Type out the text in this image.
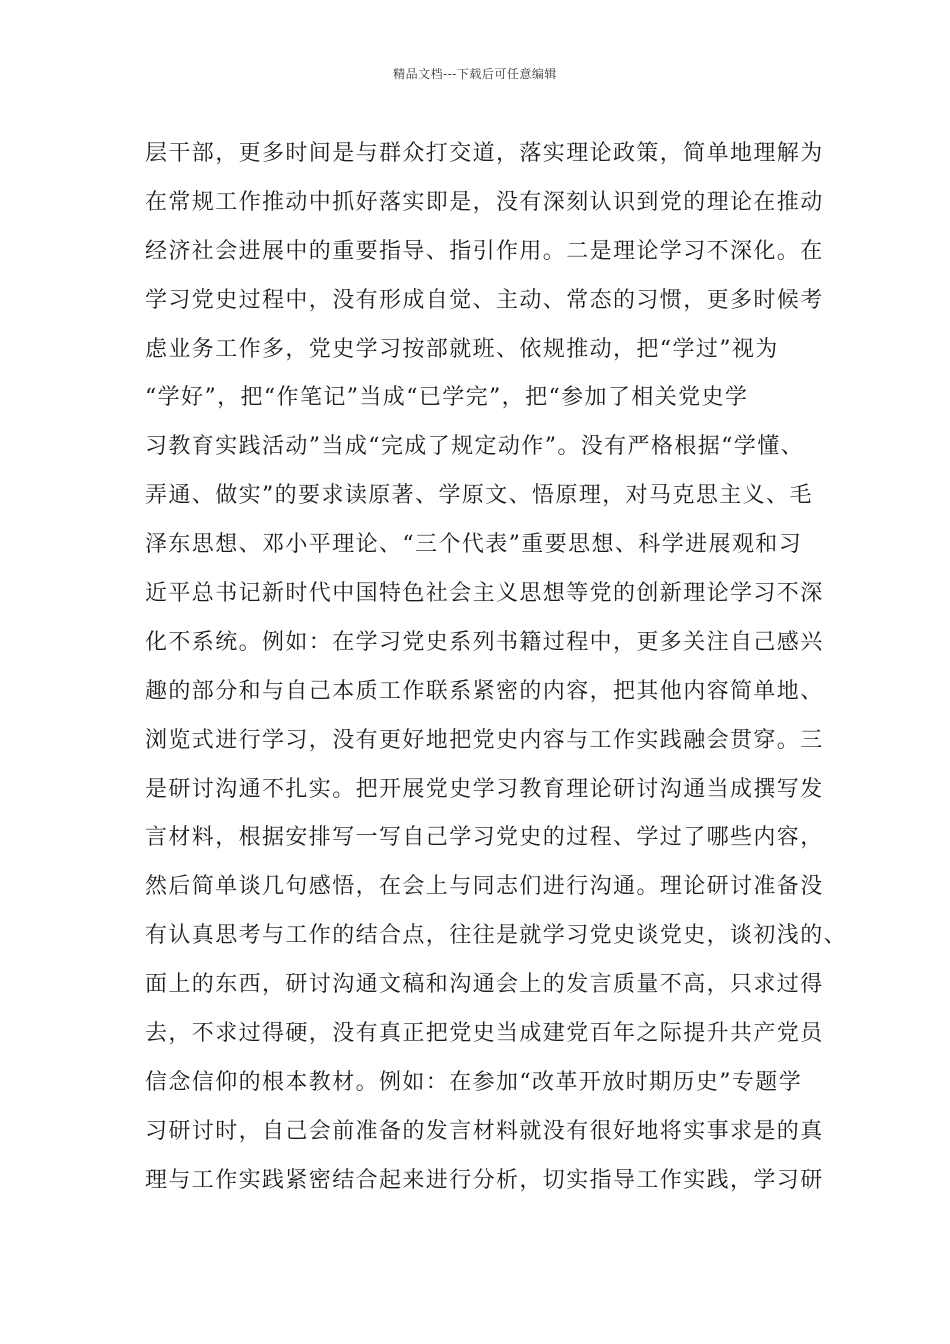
精品文档---下载后可任意编辑
层干部，更多时间是与群众打交道，落实理论政策，简单地理解为
在常规工作推动中抓好落实即是，没有深刻认识到党的理论在推动
经济社会进展中的重要指导、指引作用。二是理论学习不深化。在
学习党史过程中，没有形成自觉、主动、常态的习惯，更多时候考
虑业务工作多，党史学习按部就班、依规推动，把“学过”视为
“学好”，把“作笔记”当成“已学完”，把“参加了相关党史学
习教育实践活动”当成“完成了规定动作”。没有严格根据“学懂、
弄通、做实”的要求读原著、学原文、悟原理，对马克思主义、毛
泽东思想、邓小平理论、“三个代表”重要思想、科学进展观和习
近平总书记新时代中国特色社会主义思想等党的创新理论学习不深
化不系统。例如：在学习党史系列书籍过程中，更多关注自己感兴
趣的部分和与自己本质工作联系紧密的内容，把其他内容简单地、
浏览式进行学习，没有更好地把党史内容与工作实践融会贯穿。三
是研讨沟通不扎实。把开展党史学习教育理论研讨沟通当成撰写发
言材料，根据安排写一写自己学习党史的过程、学过了哪些内容，
然后简单谈几句感悟，在会上与同志们进行沟通。理论研讨准备没
有认真思考与工作的结合点，往往是就学习党史谈党史，谈初浅的、
面上的东西，研讨沟通文稿和沟通会上的发言质量不高，只求过得
去，不求过得硬，没有真正把党史当成建党百年之际提升共产党员
信念信仰的根本教材。例如：在参加“改革开放时期历史”专题学
习研讨时，自己会前准备的发言材料就没有很好地将实事求是的真
理与工作实践紧密结合起来进行分析，切实指导工作实践，学习研
